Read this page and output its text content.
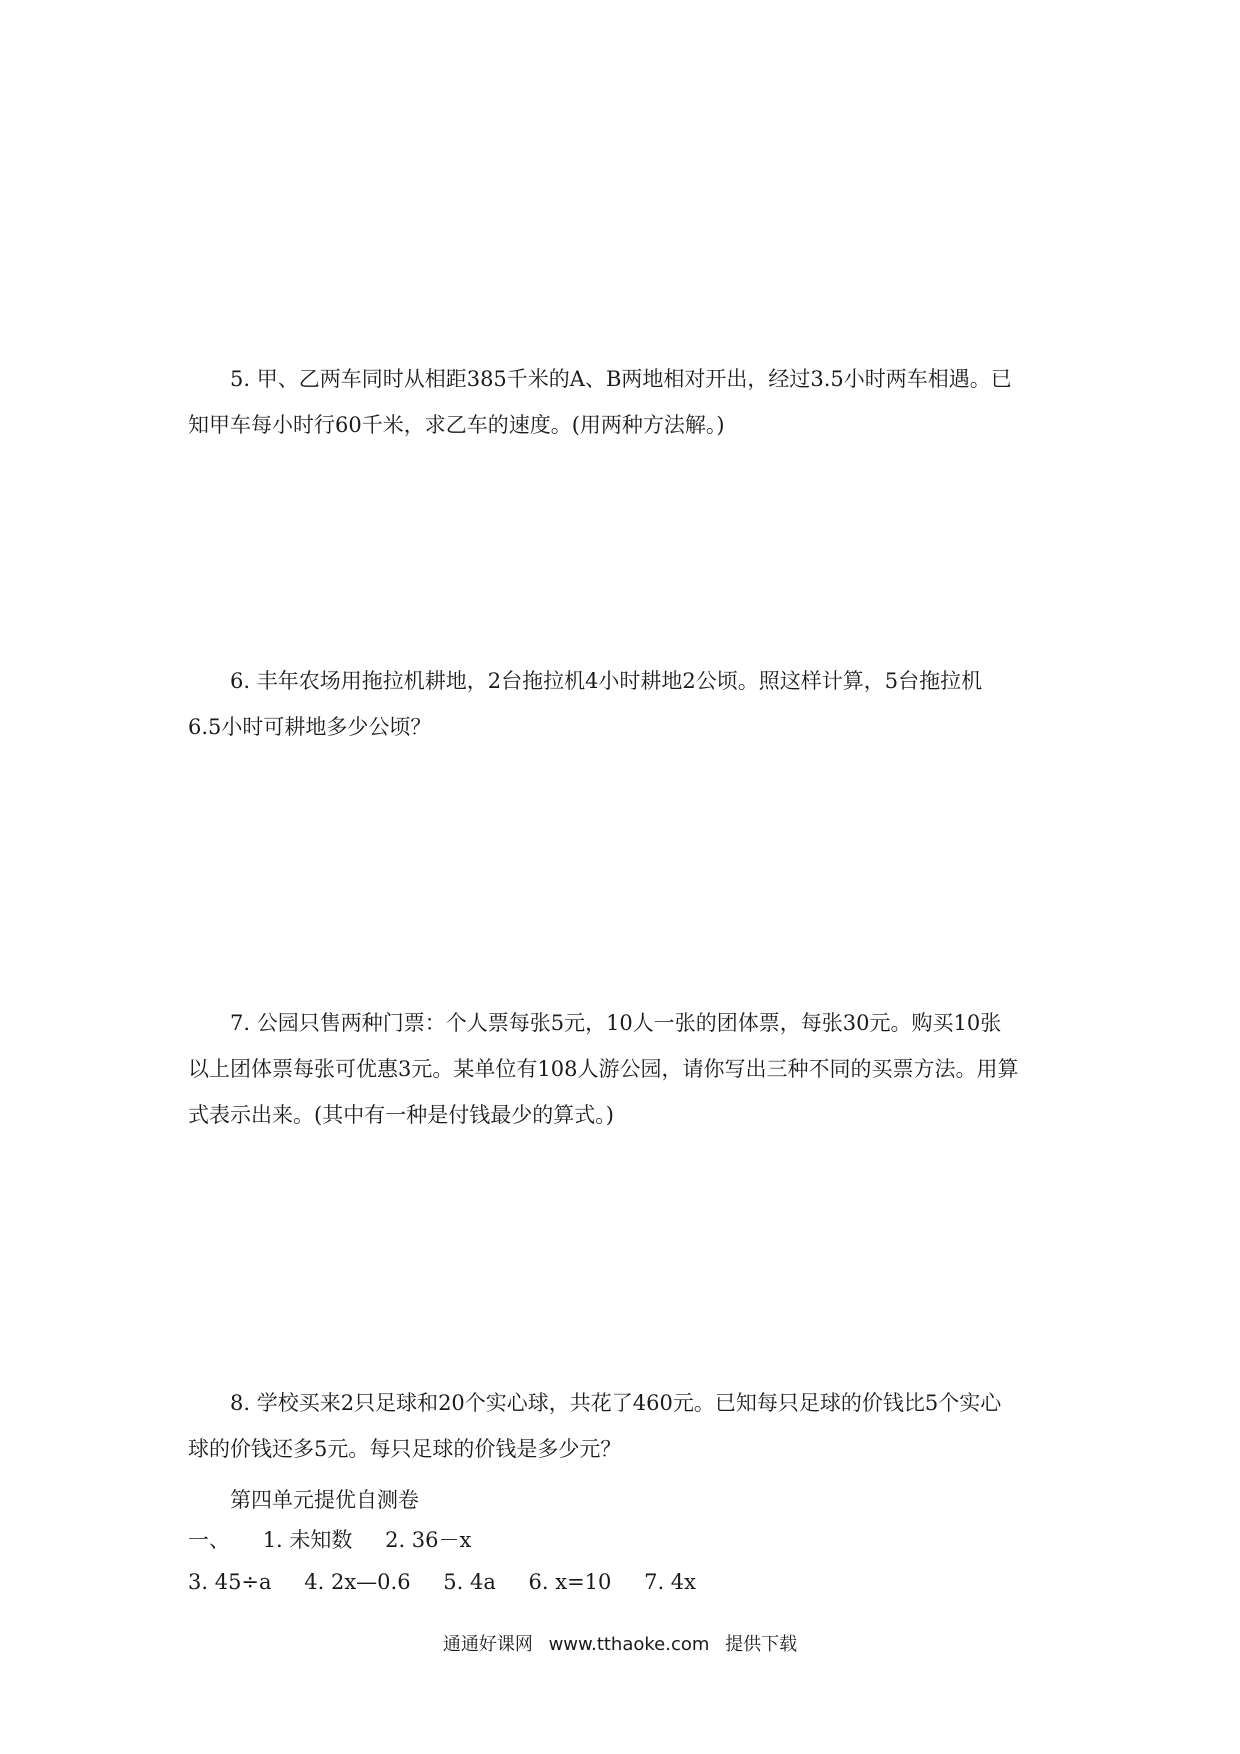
5. 甲、乙两车同时从相距385千米的A、B两地相对开出，经过3.5小时两车相遇。已
知甲车每小时行60千米，求乙车的速度。(用两种方法解。)
6. 丰年农场用拖拉机耕地，2台拖拉机4小时耕地2公顷。照这样计算，5台拖拉机
6.5小时可耕地多少公顷？
7. 公园只售两种门票：个人票每张5元，10人一张的团体票，每张30元。购买10张
以上团体票每张可优惠3元。某单位有108人游公园，请你写出三种不同的买票方法。用算
式表示出来。(其中有一种是付钱最少的算式。)
8. 学校买来2只足球和20个实心球，共花了460元。已知每只足球的价钱比5个实心
球的价钱还多5元。每只足球的价钱是多少元？

第四单元提优自测卷

一、 1. 未知数 2. 36－x

3. 45÷a 4. 2x—0.6 5. 4a 6. x=10 7. 4x

通通好课网 www.tthaoke.com 提供下载
